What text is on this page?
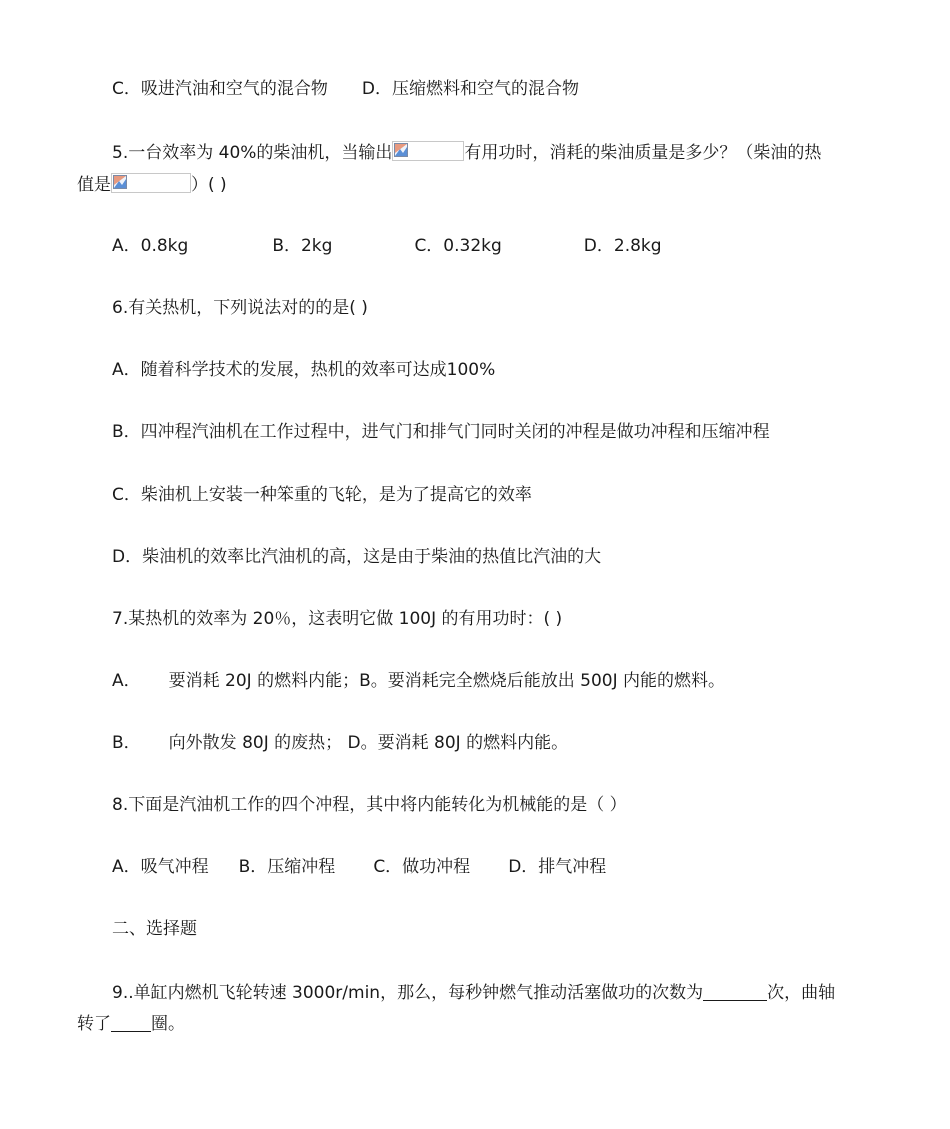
C．吸进汽油和空气的混合物 D．压缩燃料和空气的混合物
5.一台效率为 40%的柴油机，当输出	有用功时，消耗的柴油质量是多少？（柴油的热
值是	）( )
A．0.8kg	B．2kg	C．0.32kg	D．2.8kg
6.有关热机，下列说法对的的是( )
A．随着科学技术的发展，热机的效率可达成100%
B．四冲程汽油机在工作过程中，进气门和排气门同时关闭的冲程是做功冲程和压缩冲程
C．柴油机上安装一种笨重的飞轮，是为了提高它的效率
D．柴油机的效率比汽油机的高，这是由于柴油的热值比汽油的大
7.某热机的效率为 20％，这表明它做 100J 的有用功时：( )
A． 要消耗 20J 的燃料内能；B。要消耗完全燃烧后能放出 500J 内能的燃料。
B． 向外散发 80J 的废热； D。要消耗 80J 的燃料内能。
8.下面是汽油机工作的四个冲程，其中将内能转化为机械能的是（ ）
A．吸气冲程 B．压缩冲程 C．做功冲程 D．排气冲程
二、选择题
9..单缸内燃机飞轮转速 3000r/min，那么，每秒钟燃气推动活塞做功的次数为	次，曲轴
转了 圈。
